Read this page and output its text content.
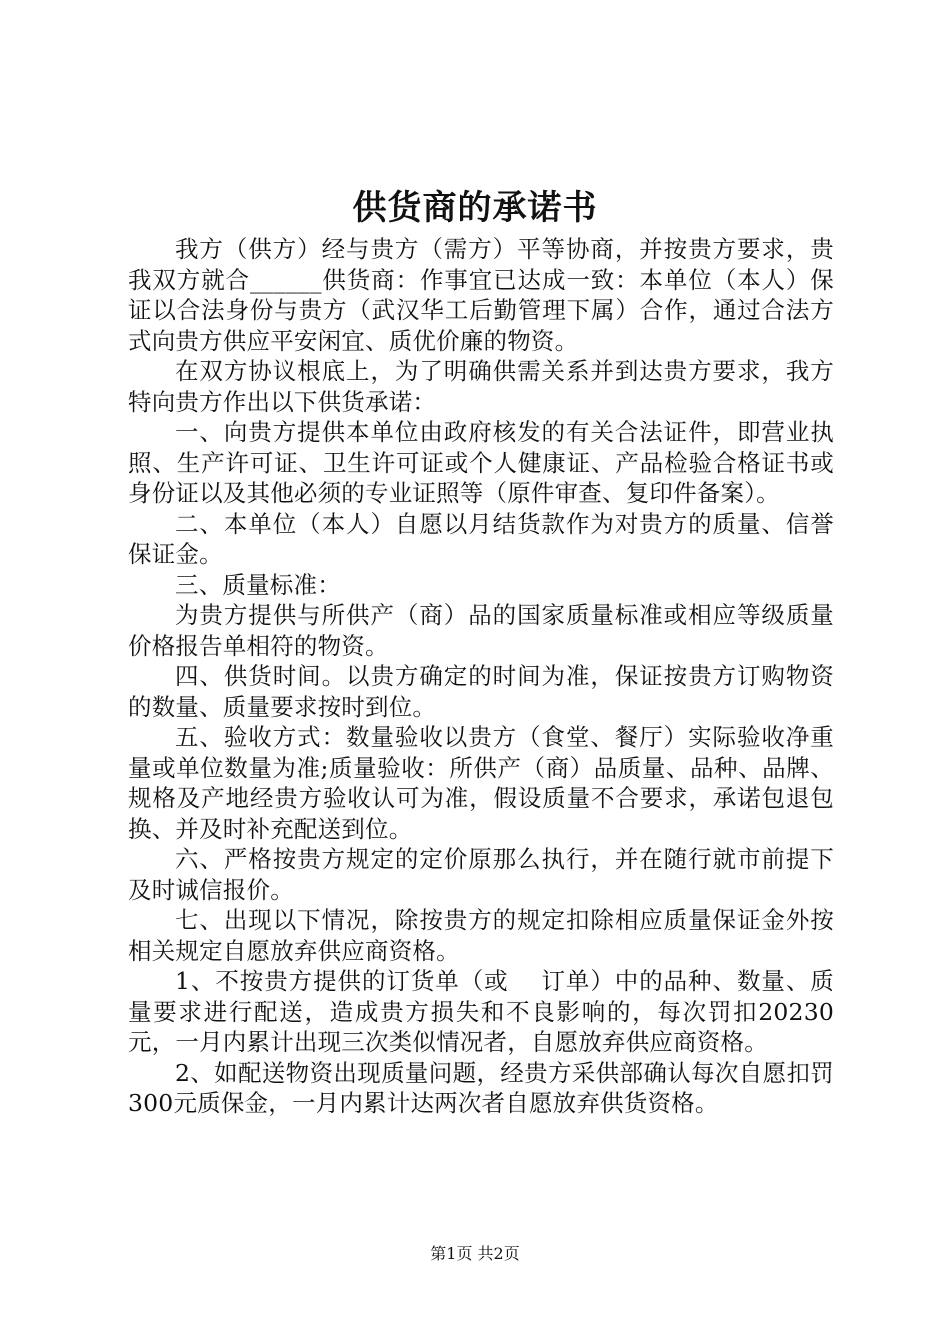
供货商的承诺书

我方（供方）经与贵方（需方）平等协商，并按贵方要求，贵我双方就合______供货商：作事宜已达成一致：本单位（本人）保证以合法身份与贵方（武汉华工后勤管理下属）合作，通过合法方式向贵方供应平安闲宜、质优价廉的物资。

在双方协议根底上，为了明确供需关系并到达贵方要求，我方特向贵方作出以下供货承诺：

一、向贵方提供本单位由政府核发的有关合法证件，即营业执照、生产许可证、卫生许可证或个人健康证、产品检验合格证书或身份证以及其他必须的专业证照等（原件审查、复印件备案）。

二、本单位（本人）自愿以月结货款作为对贵方的质量、信誉保证金。

三、质量标准：

为贵方提供与所供产（商）品的国家质量标准或相应等级质量价格报告单相符的物资。

四、供货时间。以贵方确定的时间为准，保证按贵方订购物资的数量、质量要求按时到位。

五、验收方式：数量验收以贵方（食堂、餐厅）实际验收净重量或单位数量为准;质量验收：所供产（商）品质量、品种、品牌、规格及产地经贵方验收认可为准，假设质量不合要求，承诺包退包换、并及时补充配送到位。

六、严格按贵方规定的定价原那么执行，并在随行就市前提下及时诚信报价。

七、出现以下情况，除按贵方的规定扣除相应质量保证金外按相关规定自愿放弃供应商资格。

1、不按贵方提供的订货单（或　 订单）中的品种、数量、质量要求进行配送，造成贵方损失和不良影响的，每次罚扣20230元，一月内累计出现三次类似情况者，自愿放弃供应商资格。

2、如配送物资出现质量问题，经贵方采供部确认每次自愿扣罚300元质保金，一月内累计达两次者自愿放弃供货资格。

第1页 共2页
